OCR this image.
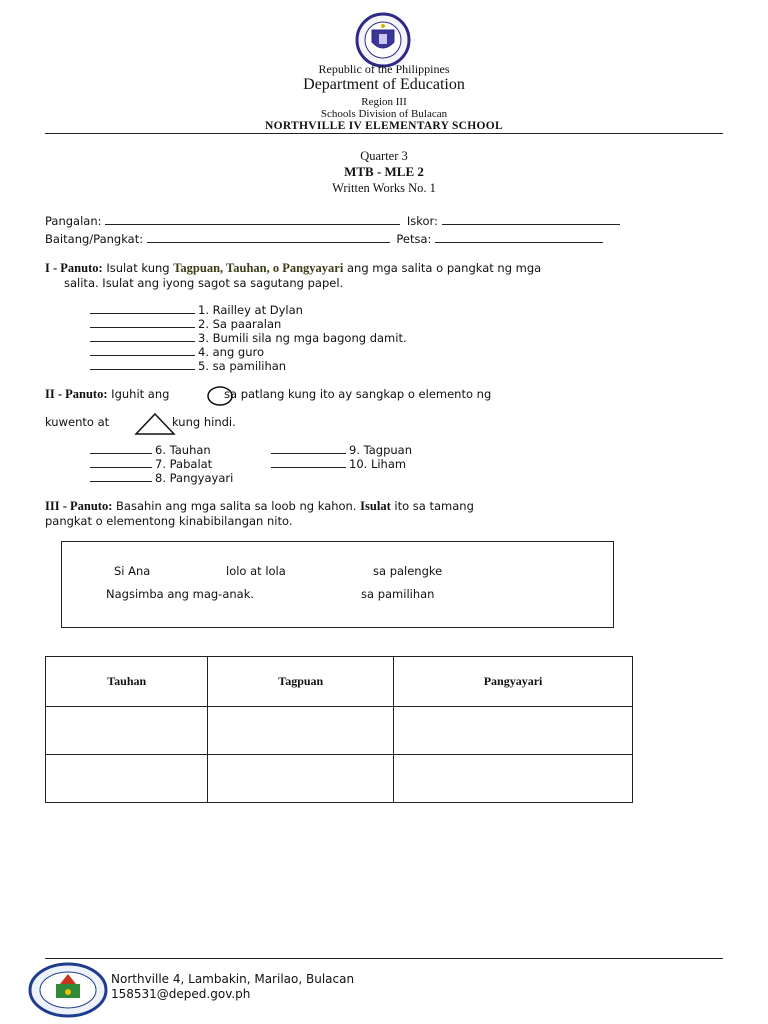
Republic of the Philippines
Department of Education
Region III
Schools Division of Bulacan
NORTHVILLE IV ELEMENTARY SCHOOL
Quarter 3
MTB - MLE 2
Written Works No. 1
Pangalan:	Iskor:
Baitang/Pangkat:	Petsa:
I - Panuto: Isulat kung Tagpuan, Tauhan, o Pangyayari ang mga salita o pangkat ng mga
salita. Isulat ang iyong sagot sa sagutang papel.
1. Railley at Dylan
2. Sa paaralan
3. Bumili sila ng mga bagong damit.
4. ang guro
5. sa pamilihan
II - Panuto: Iguhit ang	sa patlang kung ito ay sangkap o elemento ng
kuwento at	kung hindi.
6. Tauhan
7. Pabalat
8. Pangyayari
9. Tagpuan
10. Liham
III - Panuto: Basahin ang mga salita sa loob ng kahon. Isulat ito sa tamang
pangkat o elementong kinabibilangan nito.
Si Ana	lolo at lola	sa palengke
Nagsimba ang mag-anak.	sa pamilihan
Tauhan	Tagpuan	Pangyayari

Northville 4, Lambakin, Marilao, Bulacan
158531@deped.gov.ph
